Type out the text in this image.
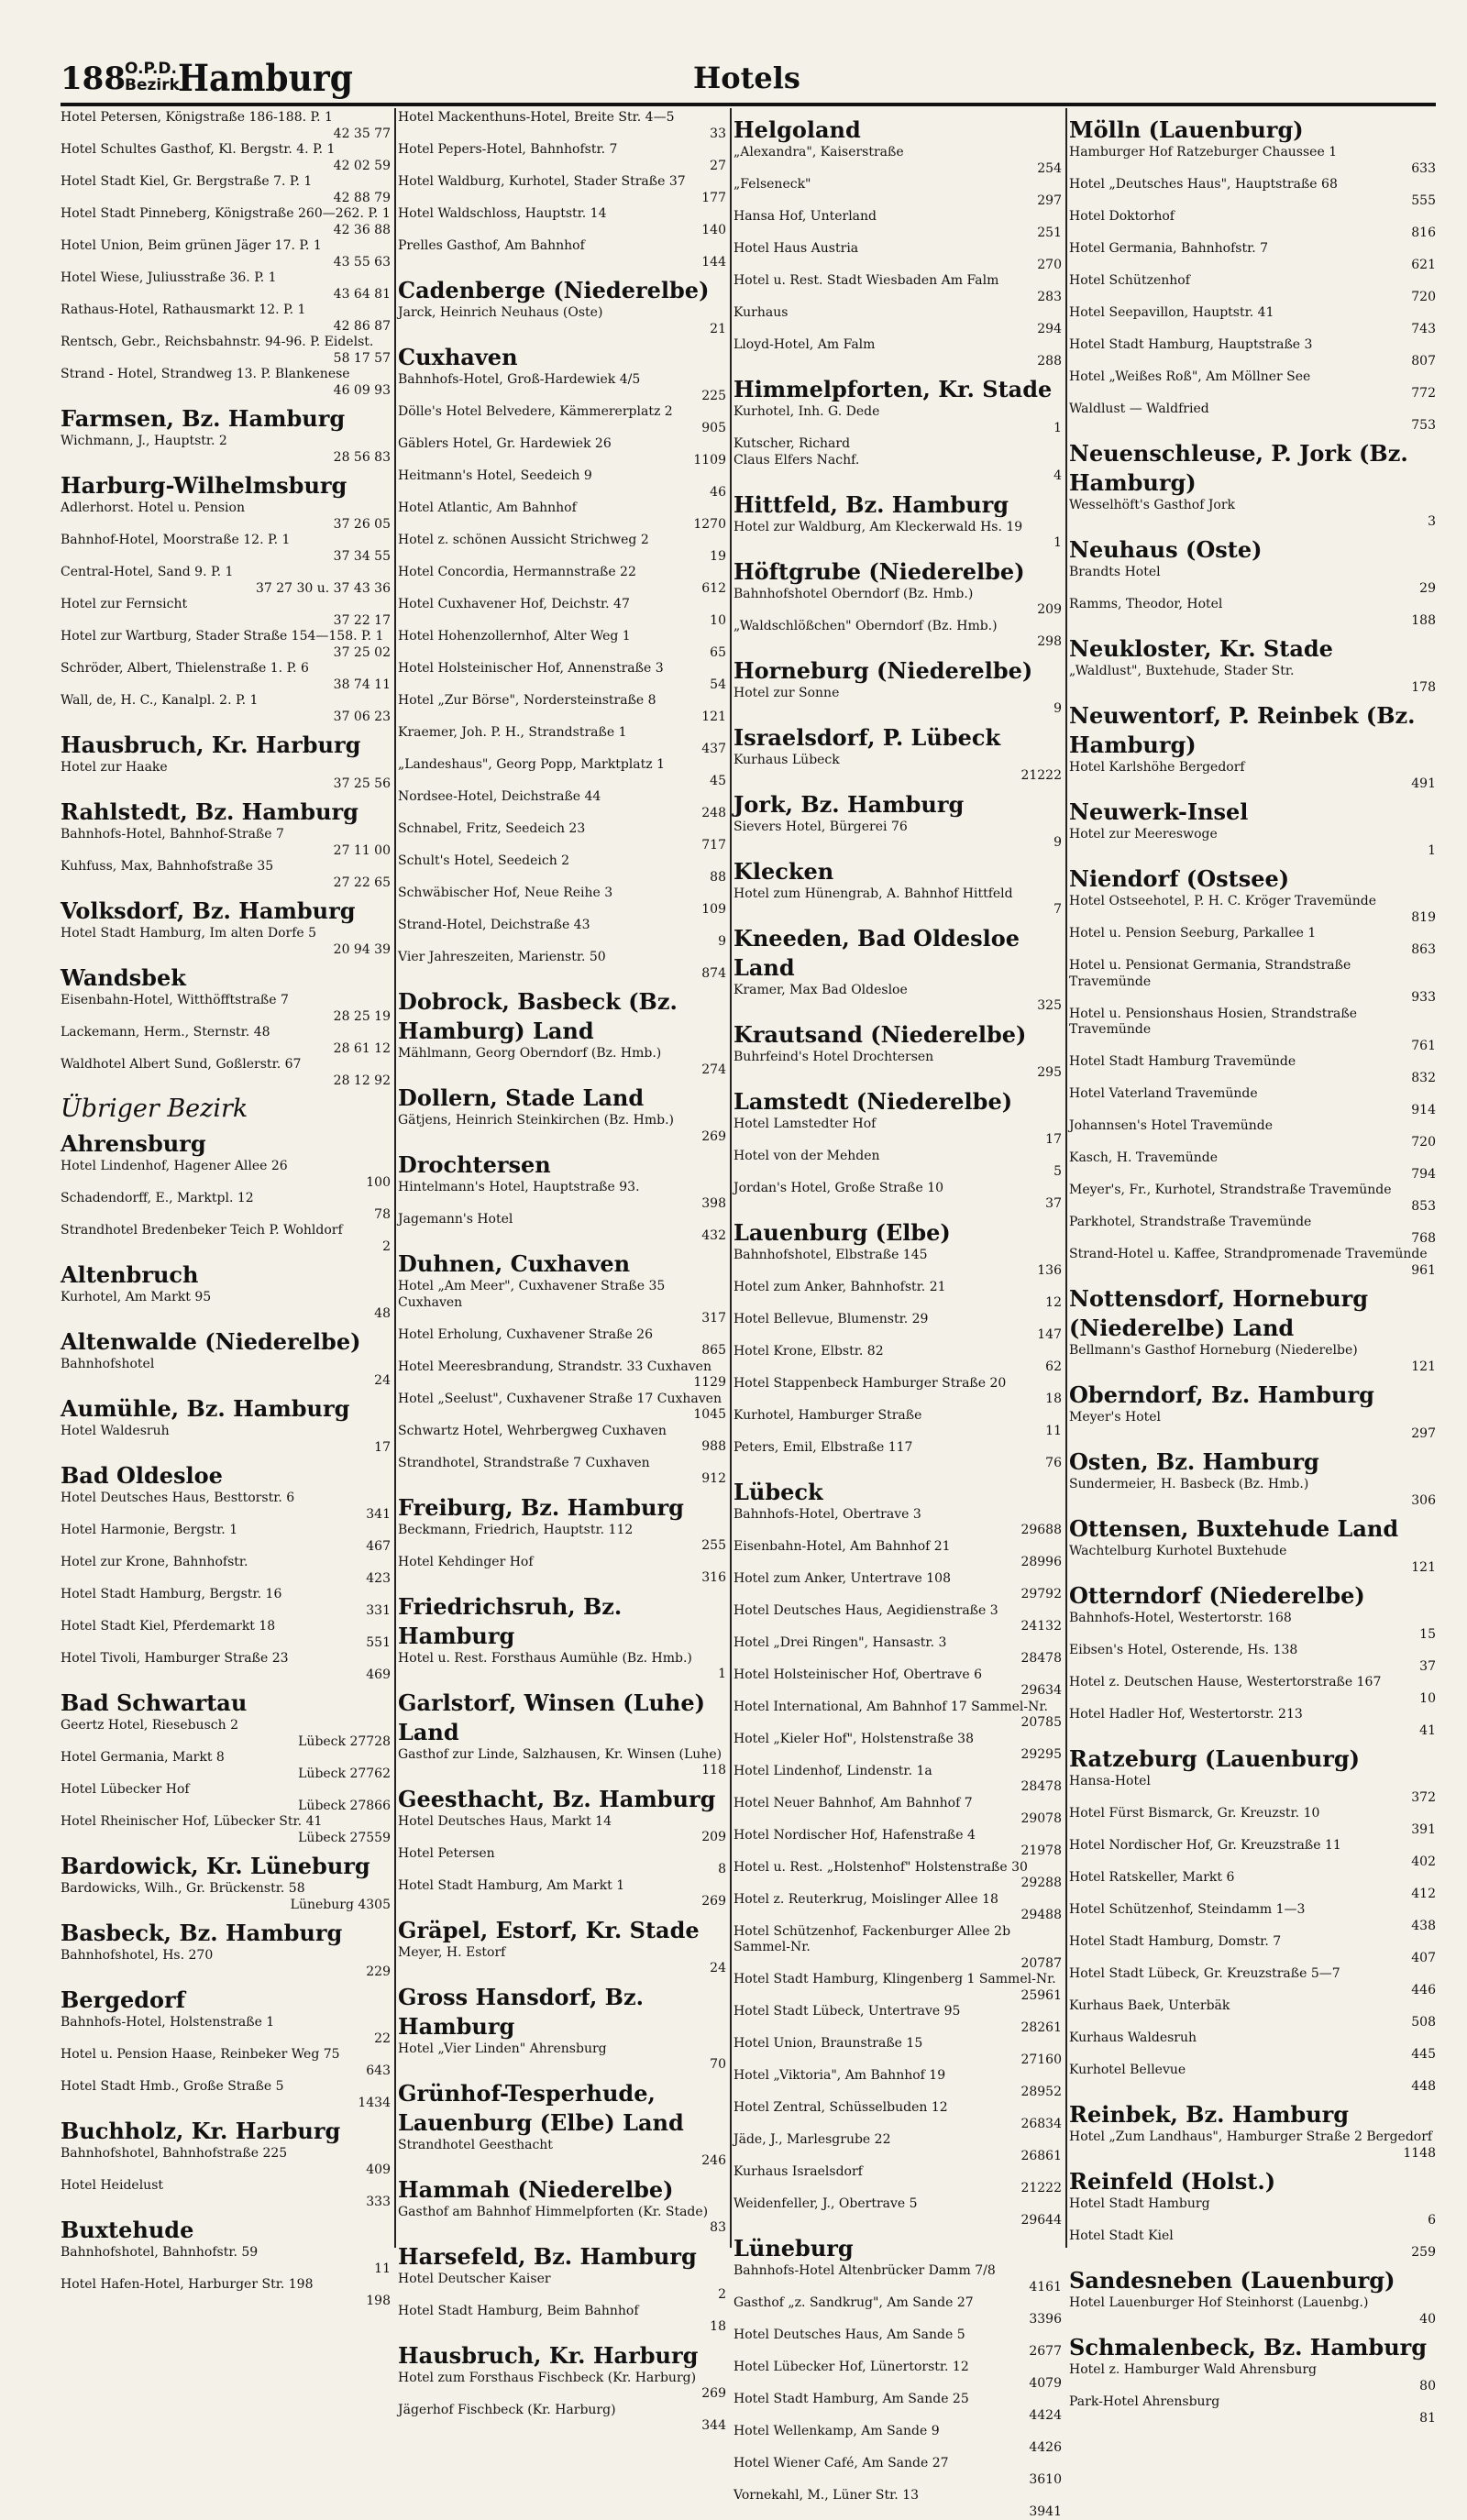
188 O.P.D.
Bezirk
Hamburg	Hotels
Hotel Petersen, Königstraße 186-188. P. 1
42 35 77
Hotel Schultes Gasthof, Kl. Bergstr. 4. P. 1
42 02 59
Hotel Stadt Kiel, Gr. Bergstraße 7. P. 1
42 88 79
Hotel Stadt Pinneberg, Königstraße 260—262. P. 1
42 36 88
Hotel Union, Beim grünen Jäger 17. P. 1
43 55 63
Hotel Wiese, Juliusstraße 36. P. 1
43 64 81
Rathaus-Hotel, Rathausmarkt 12. P. 1
42 86 87
Rentsch, Gebr., Reichsbahnstr. 94-96. P. Eidelst.
58 17 57
Strand - Hotel, Strandweg 13. P. Blankenese
46 09 93
Farmsen, Bz. Hamburg
Wichmann, J., Hauptstr. 2
28 56 83
Harburg-Wilhelmsburg
Adlerhorst. Hotel u. Pension
37 26 05
Bahnhof-Hotel, Moorstraße 12. P. 1
37 34 55
Central-Hotel, Sand 9. P. 1
37 27 30 u. 37 43 36
Hotel zur Fernsicht
37 22 17
Hotel zur Wartburg, Stader Straße 154—158. P. 1
37 25 02
Schröder, Albert, Thielenstraße 1. P. 6
38 74 11
Wall, de, H. C., Kanalpl. 2. P. 1
37 06 23
Hausbruch, Kr. Harburg
Hotel zur Haake
37 25 56
Rahlstedt, Bz. Hamburg
Bahnhofs-Hotel, Bahnhof-Straße 7
27 11 00
Kuhfuss, Max, Bahnhofstraße 35
27 22 65
Volksdorf, Bz. Hamburg
Hotel Stadt Hamburg, Im alten Dorfe 5
20 94 39
Wandsbek
Eisenbahn-Hotel, Witthöfftstraße 7
28 25 19
Lackemann, Herm., Sternstr. 48
28 61 12
Waldhotel Albert Sund, Goßlerstr. 67
28 12 92
Übriger Bezirk
Ahrensburg
Hotel Lindenhof, Hagener Allee 26
100
Schadendorff, E., Marktpl. 12
78
Strandhotel Bredenbeker Teich P. Wohldorf
2
Altenbruch
Kurhotel, Am Markt 95
48
Altenwalde (Niederelbe)
Bahnhofshotel
24
Aumühle, Bz. Hamburg
Hotel Waldesruh
17
Bad Oldesloe
Hotel Deutsches Haus, Besttorstr. 6
341
Hotel Harmonie, Bergstr. 1
467
Hotel zur Krone, Bahnhofstr.
423
Hotel Stadt Hamburg, Bergstr. 16
331
Hotel Stadt Kiel, Pferdemarkt 18
551
Hotel Tivoli, Hamburger Straße 23
469
Bad Schwartau
Geertz Hotel, Riesebusch 2
Lübeck 27728
Hotel Germania, Markt 8
Lübeck 27762
Hotel Lübecker Hof
Lübeck 27866
Hotel Rheinischer Hof, Lübecker Str. 41
Lübeck 27559
Bardowick, Kr. Lüneburg
Bardowicks, Wilh., Gr. Brückenstr. 58
Lüneburg 4305
Basbeck, Bz. Hamburg
Bahnhofshotel, Hs. 270
229
Bergedorf
Bahnhofs-Hotel, Holstenstraße 1
22
Hotel u. Pension Haase, Reinbeker Weg 75
643
Hotel Stadt Hmb., Große Straße 5
1434
Buchholz, Kr. Harburg
Bahnhofshotel, Bahnhofstraße 225
409
Hotel Heidelust
333
Buxtehude
Bahnhofshotel, Bahnhofstr. 59
11
Hotel Hafen-Hotel, Harburger Str. 198
198
Hotel Mackenthuns-Hotel, Breite Str. 4—5
33
Hotel Pepers-Hotel, Bahnhofstr. 7
27
Hotel Waldburg, Kurhotel, Stader Straße 37
177
Hotel Waldschloss, Hauptstr. 14
140
Prelles Gasthof, Am Bahnhof
144
Cadenberge (Niederelbe)
Jarck, Heinrich Neuhaus (Oste)
21
Cuxhaven
Bahnhofs-Hotel, Groß-Hardewiek 4/5
225
Dölle's Hotel Belvedere, Kämmererplatz 2
905
Gäblers Hotel, Gr. Hardewiek 26
1109
Heitmann's Hotel, Seedeich 9
46
Hotel Atlantic, Am Bahnhof
1270
Hotel z. schönen Aussicht Strichweg 2
19
Hotel Concordia, Hermannstraße 22
612
Hotel Cuxhavener Hof, Deichstr. 47
10
Hotel Hohenzollernhof, Alter Weg 1
65
Hotel Holsteinischer Hof, Annenstraße 3
54
Hotel „Zur Börse", Nordersteinstraße 8
121
Kraemer, Joh. P. H., Strandstraße 1
437
„Landeshaus", Georg Popp, Marktplatz 1
45
Nordsee-Hotel, Deichstraße 44
248
Schnabel, Fritz, Seedeich 23
717
Schult's Hotel, Seedeich 2
88
Schwäbischer Hof, Neue Reihe 3
109
Strand-Hotel, Deichstraße 43
9
Vier Jahreszeiten, Marienstr. 50
874
Dobrock, Basbeck (Bz. Hamburg) Land
Mählmann, Georg Oberndorf (Bz. Hmb.)
274
Dollern, Stade Land
Gätjens, Heinrich Steinkirchen (Bz. Hmb.)
269
Drochtersen
Hintelmann's Hotel, Hauptstraße 93.
398
Jagemann's Hotel
432
Duhnen, Cuxhaven
Hotel „Am Meer", Cuxhavener Straße 35 Cuxhaven
317
Hotel Erholung, Cuxhavener Straße 26
865
Hotel Meeresbrandung, Strandstr. 33 Cuxhaven
1129
Hotel „Seelust", Cuxhavener Straße 17 Cuxhaven
1045
Schwartz Hotel, Wehrbergweg Cuxhaven
988
Strandhotel, Strandstraße 7 Cuxhaven
912
Freiburg, Bz. Hamburg
Beckmann, Friedrich, Hauptstr. 112
255
Hotel Kehdinger Hof
316
Friedrichsruh, Bz. Hamburg
Hotel u. Rest. Forsthaus Aumühle (Bz. Hmb.)
1
Garlstorf, Winsen (Luhe) Land
Gasthof zur Linde, Salzhausen, Kr. Winsen (Luhe)
118
Geesthacht, Bz. Hamburg
Hotel Deutsches Haus, Markt 14
209
Hotel Petersen
8
Hotel Stadt Hamburg, Am Markt 1
269
Gräpel, Estorf, Kr. Stade
Meyer, H. Estorf
24
Gross Hansdorf, Bz. Hamburg
Hotel „Vier Linden" Ahrensburg
70
Grünhof-Tesperhude, Lauenburg (Elbe) Land
Strandhotel Geesthacht
246
Hammah (Niederelbe)
Gasthof am Bahnhof Himmelpforten (Kr. Stade)
83
Harsefeld, Bz. Hamburg
Hotel Deutscher Kaiser
2
Hotel Stadt Hamburg, Beim Bahnhof
18
Hausbruch, Kr. Harburg
Hotel zum Forsthaus Fischbeck (Kr. Harburg)
269
Jägerhof Fischbeck (Kr. Harburg)
344
Helgoland
„Alexandra", Kaiserstraße
254
„Felseneck"
297
Hansa Hof, Unterland
251
Hotel Haus Austria
270
Hotel u. Rest. Stadt Wiesbaden Am Falm
283
Kurhaus
294
Lloyd-Hotel, Am Falm
288
Himmelpforten, Kr. Stade
Kurhotel, Inh. G. Dede
1
Kutscher, Richard
Claus Elfers Nachf.
4
Hittfeld, Bz. Hamburg
Hotel zur Waldburg, Am Kleckerwald Hs. 19
1
Höftgrube (Niederelbe)
Bahnhofshotel Oberndorf (Bz. Hmb.)
209
„Waldschlößchen" Oberndorf (Bz. Hmb.)
298
Horneburg (Niederelbe)
Hotel zur Sonne
9
Israelsdorf, P. Lübeck
Kurhaus Lübeck
21222
Jork, Bz. Hamburg
Sievers Hotel, Bürgerei 76
9
Klecken
Hotel zum Hünengrab, A. Bahnhof Hittfeld
7
Kneeden, Bad Oldesloe Land
Kramer, Max Bad Oldesloe
325
Krautsand (Niederelbe)
Buhrfeind's Hotel Drochtersen
295
Lamstedt (Niederelbe)
Hotel Lamstedter Hof
17
Hotel von der Mehden
5
Jordan's Hotel, Große Straße 10
37
Lauenburg (Elbe)
Bahnhofshotel, Elbstraße 145
136
Hotel zum Anker, Bahnhofstr. 21
12
Hotel Bellevue, Blumenstr. 29
147
Hotel Krone, Elbstr. 82
62
Hotel Stappenbeck Hamburger Straße 20
18
Kurhotel, Hamburger Straße
11
Peters, Emil, Elbstraße 117
76
Lübeck
Bahnhofs-Hotel, Obertrave 3
29688
Eisenbahn-Hotel, Am Bahnhof 21
28996
Hotel zum Anker, Untertrave 108
29792
Hotel Deutsches Haus, Aegidienstraße 3
24132
Hotel „Drei Ringen", Hansastr. 3
28478
Hotel Holsteinischer Hof, Obertrave 6
29634
Hotel International, Am Bahnhof 17 Sammel-Nr.
20785
Hotel „Kieler Hof", Holstenstraße 38
29295
Hotel Lindenhof, Lindenstr. 1a
28478
Hotel Neuer Bahnhof, Am Bahnhof 7
29078
Hotel Nordischer Hof, Hafenstraße 4
21978
Hotel u. Rest. „Holstenhof" Holstenstraße 30
29288
Hotel z. Reuterkrug, Moislinger Allee 18
29488
Hotel Schützenhof, Fackenburger Allee 2b Sammel-Nr.
20787
Hotel Stadt Hamburg, Klingenberg 1 Sammel-Nr.
25961
Hotel Stadt Lübeck, Untertrave 95
28261
Hotel Union, Braunstraße 15
27160
Hotel „Viktoria", Am Bahnhof 19
28952
Hotel Zentral, Schüsselbuden 12
26834
Jäde, J., Marlesgrube 22
26861
Kurhaus Israelsdorf
21222
Weidenfeller, J., Obertrave 5
29644
Lüneburg
Bahnhofs-Hotel Altenbrücker Damm 7/8
4161
Gasthof „z. Sandkrug", Am Sande 27
3396
Hotel Deutsches Haus, Am Sande 5
2677
Hotel Lübecker Hof, Lünertorstr. 12
4079
Hotel Stadt Hamburg, Am Sande 25
4424
Hotel Wellenkamp, Am Sande 9
4426
Hotel Wiener Café, Am Sande 27
3610
Vornekahl, M., Lüner Str. 13
3941
Mölln (Lauenburg)
Hamburger Hof Ratzeburger Chaussee 1
633
Hotel „Deutsches Haus", Hauptstraße 68
555
Hotel Doktorhof
816
Hotel Germania, Bahnhofstr. 7
621
Hotel Schützenhof
720
Hotel Seepavillon, Hauptstr. 41
743
Hotel Stadt Hamburg, Hauptstraße 3
807
Hotel „Weißes Roß", Am Möllner See
772
Waldlust — Waldfried
753
Neuenschleuse, P. Jork (Bz. Hamburg)
Wesselhöft's Gasthof Jork
3
Neuhaus (Oste)
Brandts Hotel
29
Ramms, Theodor, Hotel
188
Neukloster, Kr. Stade
„Waldlust", Buxtehude, Stader Str.
178
Neuwentorf, P. Reinbek (Bz. Hamburg)
Hotel Karlshöhe Bergedorf
491
Neuwerk-Insel
Hotel zur Meereswoge
1
Niendorf (Ostsee)
Hotel Ostseehotel, P. H. C. Kröger Travemünde
819
Hotel u. Pension Seeburg, Parkallee 1
863
Hotel u. Pensionat Germania, Strandstraße Travemünde
933
Hotel u. Pensionshaus Hosien, Strandstraße Travemünde
761
Hotel Stadt Hamburg Travemünde
832
Hotel Vaterland Travemünde
914
Johannsen's Hotel Travemünde
720
Kasch, H. Travemünde
794
Meyer's, Fr., Kurhotel, Strandstraße Travemünde
853
Parkhotel, Strandstraße Travemünde
768
Strand-Hotel u. Kaffee, Strandpromenade Travemünde
961
Nottensdorf, Horneburg (Niederelbe) Land
Bellmann's Gasthof Horneburg (Niederelbe)
121
Oberndorf, Bz. Hamburg
Meyer's Hotel
297
Osten, Bz. Hamburg
Sundermeier, H. Basbeck (Bz. Hmb.)
306
Ottensen, Buxtehude Land
Wachtelburg Kurhotel Buxtehude
121
Otterndorf (Niederelbe)
Bahnhofs-Hotel, Westertorstr. 168
15
Eibsen's Hotel, Osterende, Hs. 138
37
Hotel z. Deutschen Hause, Westertorstraße 167
10
Hotel Hadler Hof, Westertorstr. 213
41
Ratzeburg (Lauenburg)
Hansa-Hotel
372
Hotel Fürst Bismarck, Gr. Kreuzstr. 10
391
Hotel Nordischer Hof, Gr. Kreuzstraße 11
402
Hotel Ratskeller, Markt 6
412
Hotel Schützenhof, Steindamm 1—3
438
Hotel Stadt Hamburg, Domstr. 7
407
Hotel Stadt Lübeck, Gr. Kreuzstraße 5—7
446
Kurhaus Baek, Unterbäk
508
Kurhaus Waldesruh
445
Kurhotel Bellevue
448
Reinbek, Bz. Hamburg
Hotel „Zum Landhaus", Hamburger Straße 2 Bergedorf
1148
Reinfeld (Holst.)
Hotel Stadt Hamburg
6
Hotel Stadt Kiel
259
Sandesneben (Lauenburg)
Hotel Lauenburger Hof Steinhorst (Lauenbg.)
40
Schmalenbeck, Bz. Hamburg
Hotel z. Hamburger Wald Ahrensburg
80
Park-Hotel Ahrensburg
81
